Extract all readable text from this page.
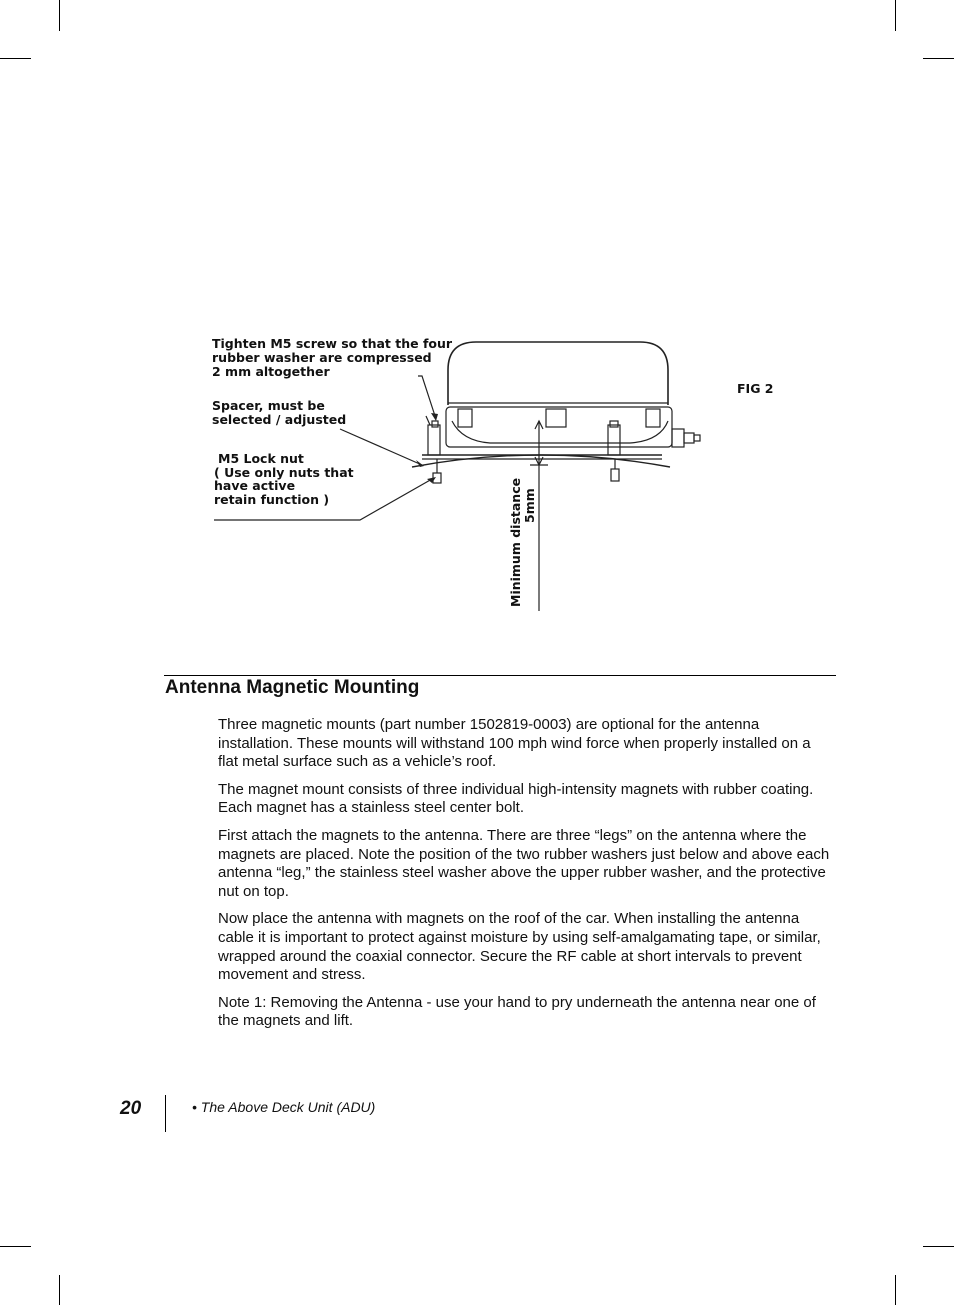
Tighten M5 screw so that the four
rubber washer are compressed
2 mm altogether
Spacer, must be
selected / adjusted
M5 Lock nut
( Use only nuts that
have active
retain function )
FIG 2
Minimum distance 5mm
Antenna Magnetic Mounting

Three magnetic mounts (part number 1502819-0003) are optional for the antenna installation. These mounts will withstand 100 mph wind force when properly installed on a flat metal surface such as a vehicle’s roof.

The magnet mount consists of three individual high-intensity magnets with rubber coating. Each magnet has a stainless steel center bolt.

First attach the magnets to the antenna. There are three “legs” on the antenna where the magnets are placed. Note the position of the two rubber washers just below and above each antenna “leg,” the stainless steel washer above the upper rubber washer, and the protective nut on top.

Now place the antenna with magnets on the roof of the car. When installing the antenna cable it is important to protect against moisture by using self-amalgamating tape, or similar, wrapped around the coaxial connector. Secure the RF cable at short intervals to prevent movement and stress.

Note 1: Removing the Antenna - use your hand to pry underneath the antenna near one of the magnets and lift.

20	• The Above Deck Unit (ADU)
